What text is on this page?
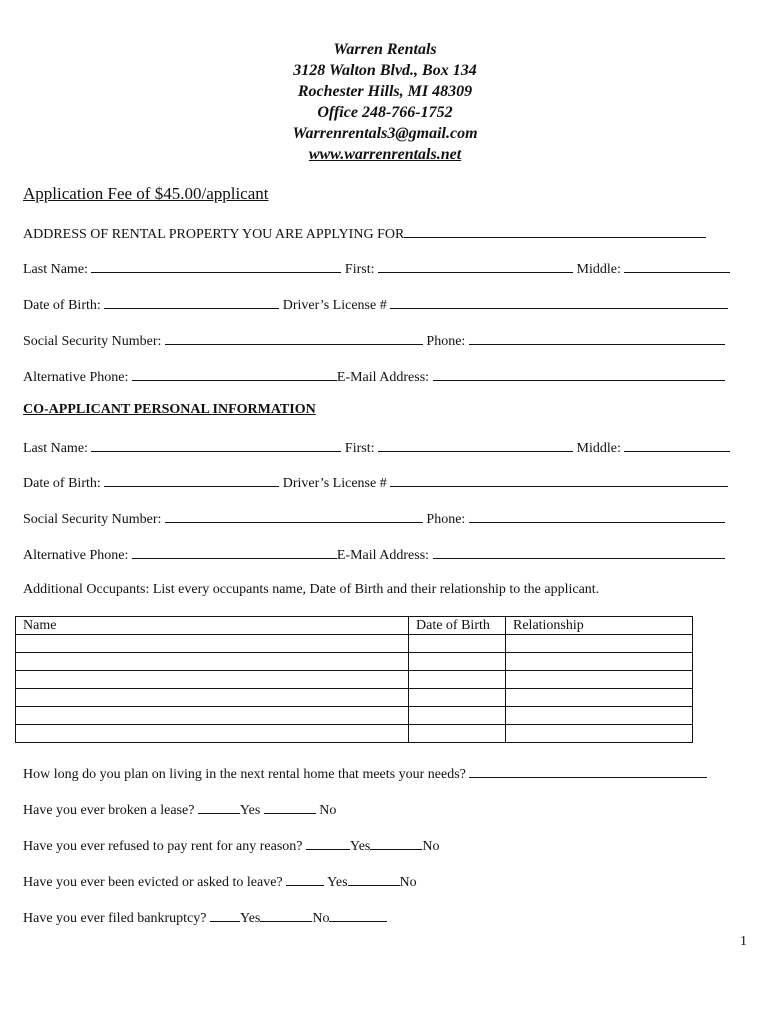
Warren Rentals
3128 Walton Blvd., Box 134
Rochester Hills, MI 48309
Office 248-766-1752
Warrenrentals3@gmail.com
www.warrenrentals.net
Application Fee of $45.00/applicant
ADDRESS OF RENTAL PROPERTY YOU ARE APPLYING FOR
Last Name:	First:	Middle:
Date of Birth:	Driver’s License #
Social Security Number:	Phone:
Alternative Phone:	E-Mail Address:
CO-APPLICANT PERSONAL INFORMATION
Last Name:	First:	Middle:
Date of Birth:	Driver’s License #
Social Security Number:	Phone:
Alternative Phone:	E-Mail Address:
Additional Occupants: List every occupants name, Date of Birth and their relationship to the applicant.
Name	Date of Birth	Relationship

How long do you plan on living in the next rental home that meets your needs?
Have you ever broken a lease?	Yes	No
Have you ever refused to pay rent for any reason?	Yes	No
Have you ever been evicted or asked to leave?	Yes	No
Have you ever filed bankruptcy? Yes	No
1
